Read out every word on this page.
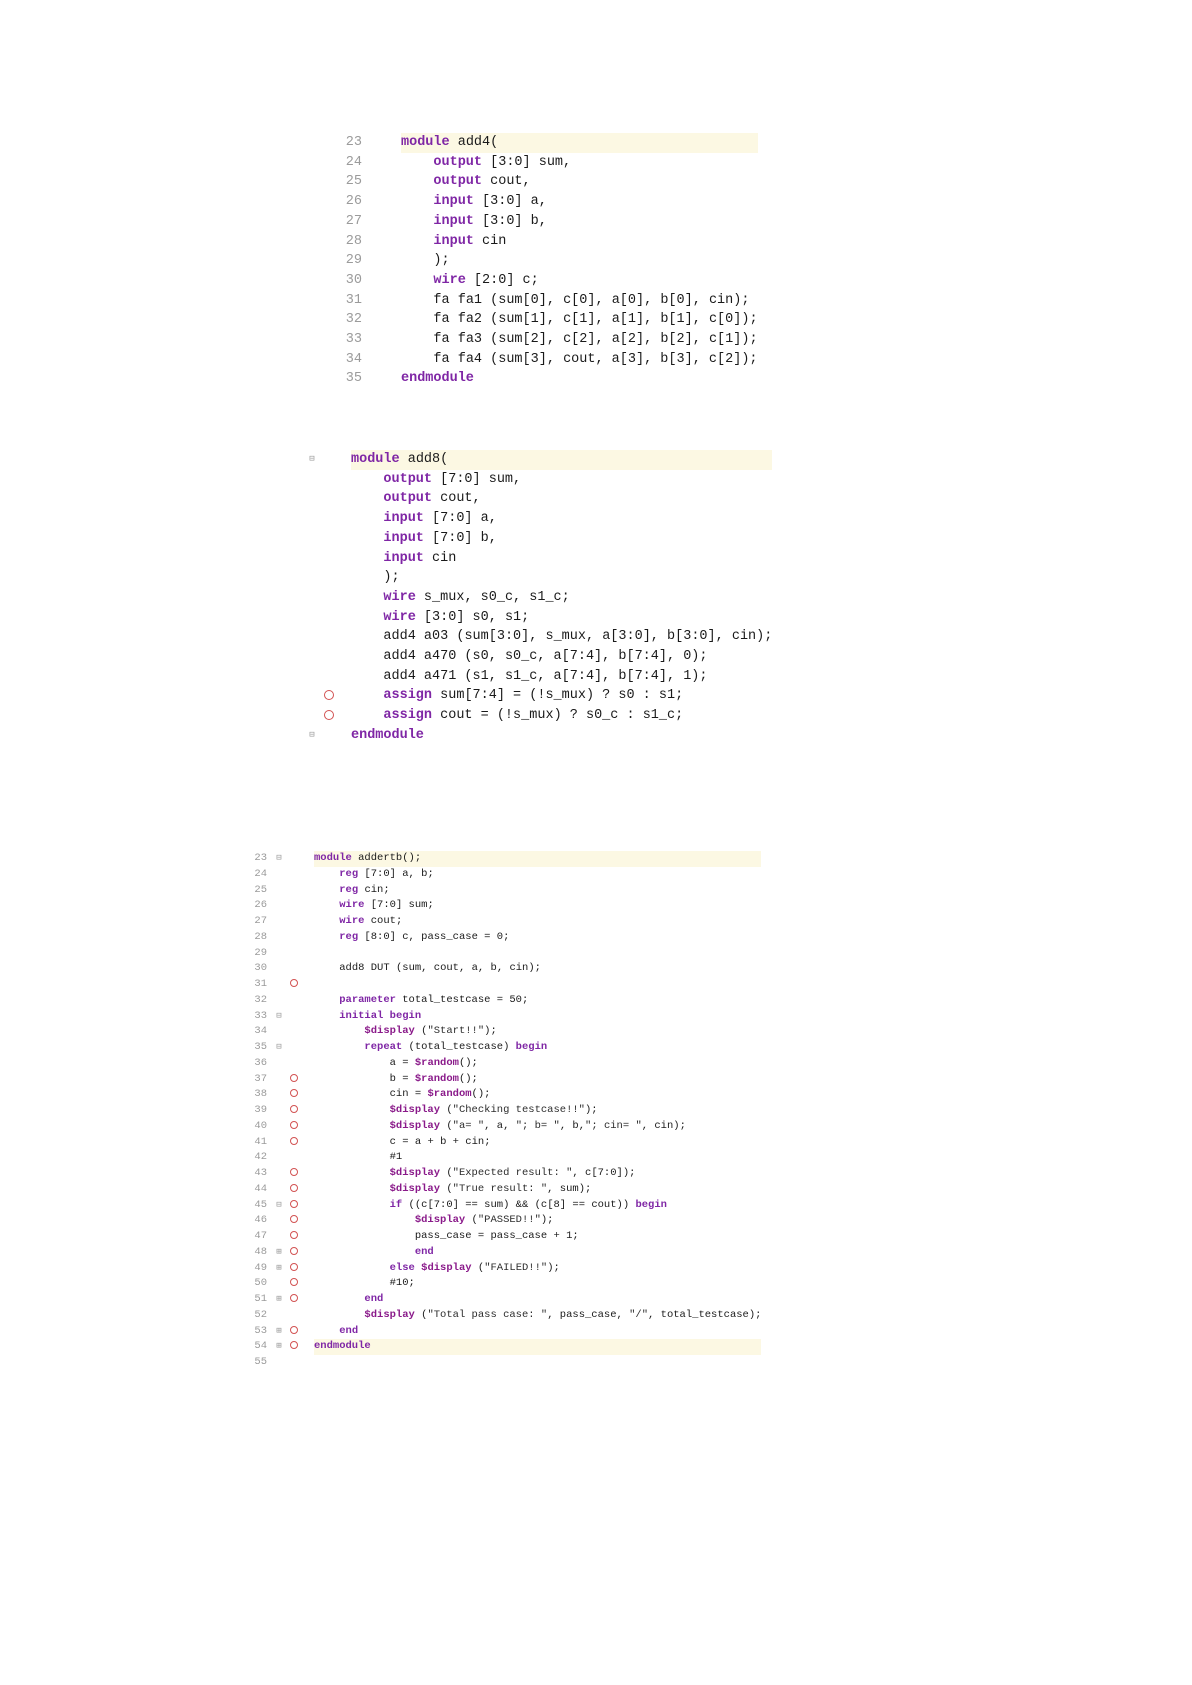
23	module add4(
24	output [3:0] sum,
25	output cout,
26	input [3:0] a,
27	input [3:0] b,
28	input cin
29	);
30	wire [2:0] c;
31	fa fa1 (sum[0], c[0], a[0], b[0], cin);
32	fa fa2 (sum[1], c[1], a[1], b[1], c[0]);
33	fa fa3 (sum[2], c[2], a[2], b[2], c[1]);
34	fa fa4 (sum[3], cout, a[3], b[3], c[2]);
35	endmodule
⊟	module add8(
output [7:0] sum,
output cout,
input [7:0] a,
input [7:0] b,
input cin
);
wire s_mux, s0_c, s1_c;
wire [3:0] s0, s1;
add4 a03 (sum[3:0], s_mux, a[3:0], b[3:0], cin);
add4 a470 (s0, s0_c, a[7:4], b[7:4], 0);
add4 a471 (s1, s1_c, a[7:4], b[7:4], 1);
assign sum[7:4] = (!s_mux) ? s0 : s1;
assign cout = (!s_mux) ? s0_c : s1_c;
⊟	endmodule
23	⊟	module addertb();
24	reg [7:0] a, b;
25	reg cin;
26	wire [7:0] sum;
27	wire cout;
28	reg [8:0] c, pass_case = 0;
29

30	add8 DUT (sum, cout, a, b, cin);
31

32	parameter total_testcase = 50;
33	⊟	initial begin
34	$display ("Start!!");
35	⊟	repeat (total_testcase) begin
36	a = $random();
37	b = $random();
38	cin = $random();
39	$display ("Checking testcase!!");
40	$display ("a= ", a, "; b= ", b,"; cin= ", cin);
41	c = a + b + cin;
42	#1
43	$display ("Expected result: ", c[7:0]);
44	$display ("True result: ", sum);
45	⊟	if ((c[7:0] == sum) && (c[8] == cout)) begin
46	$display ("PASSED!!");
47	pass_case = pass_case + 1;
48	⊞	end
49	⊞	else $display ("FAILED!!");
50	#10;
51	⊞	end
52	$display ("Total pass case: ", pass_case, "/", total_testcase);
53	⊞	end
54	⊞	endmodule
55
